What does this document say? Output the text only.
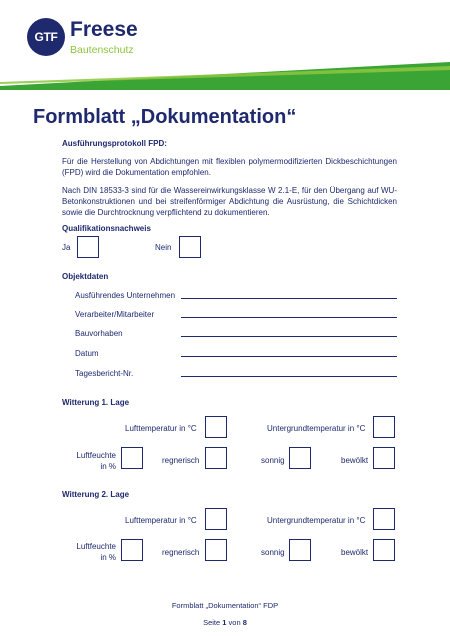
GTF Freese
Bautenschutz
Formblatt „Dokumentation“
Ausführungsprotokoll FPD:
Für die Herstellung von Abdichtungen mit flexiblen polymermodifizierten Dickbeschichtungen (FPD) wird die Dokumentation empfohlen.
Nach DIN 18533-3 sind für die Wassereinwirkungsklasse W 2.1-E, für den Übergang auf WU-Betonkonstruktionen und bei streifenförmiger Abdichtung die Ausrüstung, die Schichtdicken sowie die Durchtrocknung verpflichtend zu dokumentieren.
Qualifikationsnachweis
Ja	Nein
Objektdaten
Ausführendes Unternehmen
Verarbeiter/Mitarbeiter
Bauvorhaben
Datum
Tagesbericht-Nr.
Witterung 1. Lage
Lufttemperatur in °C	Untergrundtemperatur in °C
Luftfeuchte
in %
regnerisch	sonnig	bewölkt
Witterung 2. Lage
Lufttemperatur in °C	Untergrundtemperatur in °C
Luftfeuchte
in %
regnerisch	sonnig	bewölkt
Formblatt „Dokumentation“ FDP
Seite 1 von 8
